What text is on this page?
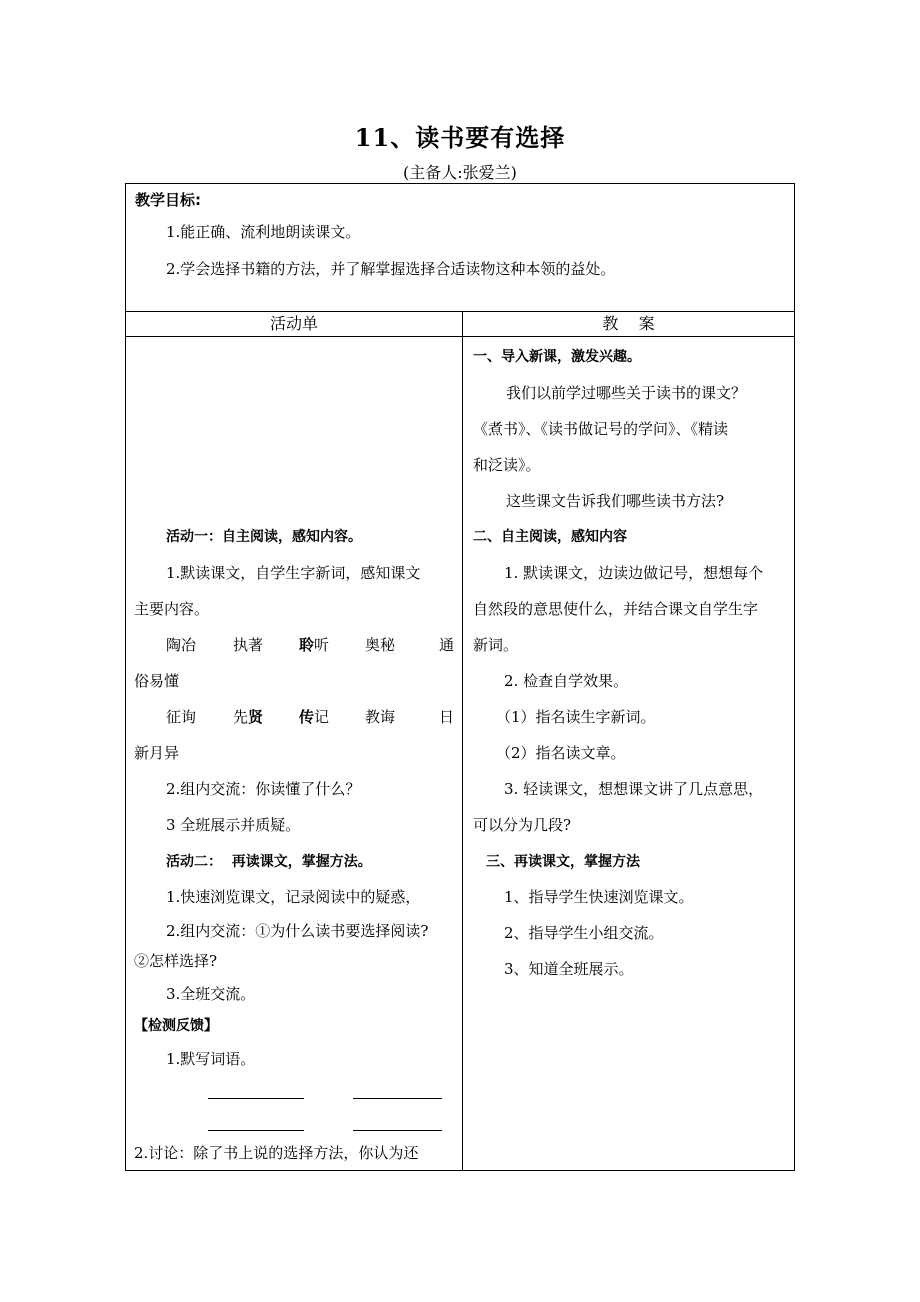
11、读书要有选择
(主备人:张爱兰)
教学目标:
1.能正确、流利地朗读课文。
2.学会选择书籍的方法，并了解掌握选择合适读物这种本领的益处。
活动单	教    案
活动一：自主阅读，感知内容。
1.默读课文，自学生字新词，感知课文
主要内容。
陶冶 执著 聆 听 奥秘	通
俗易懂
征询 先 贤 传 记 教诲	日
新月异
2.组内交流：你读懂了什么？
3 全班展示并质疑。
活动二：  再读课文，掌握方法。
1.快速浏览课文，记录阅读中的疑惑，
2.组内交流：①为什么读书要选择阅读?
②怎样选择?
3.全班交流。
【检测反馈】
1.默写词语。
2.讨论：除了书上说的选择方法，你认为还
一、导入新课，激发兴趣。
我们以前学过哪些关于读书的课文？
《煮书》、《读书做记号的学问》、《精读
和泛读》。
这些课文告诉我们哪些读书方法?
二、自主阅读，感知内容
1. 默读课文，边读边做记号，想想每个
自然段的意思使什么，并结合课文自学生字
新词。
2. 检查自学效果。
（1）指名读生字新词。
（2）指名读文章。
3. 轻读课文，想想课文讲了几点意思，
可以分为几段?
三、再读课文，掌握方法
1、指导学生快速浏览课文。
2、指导学生小组交流。
3、知道全班展示。
